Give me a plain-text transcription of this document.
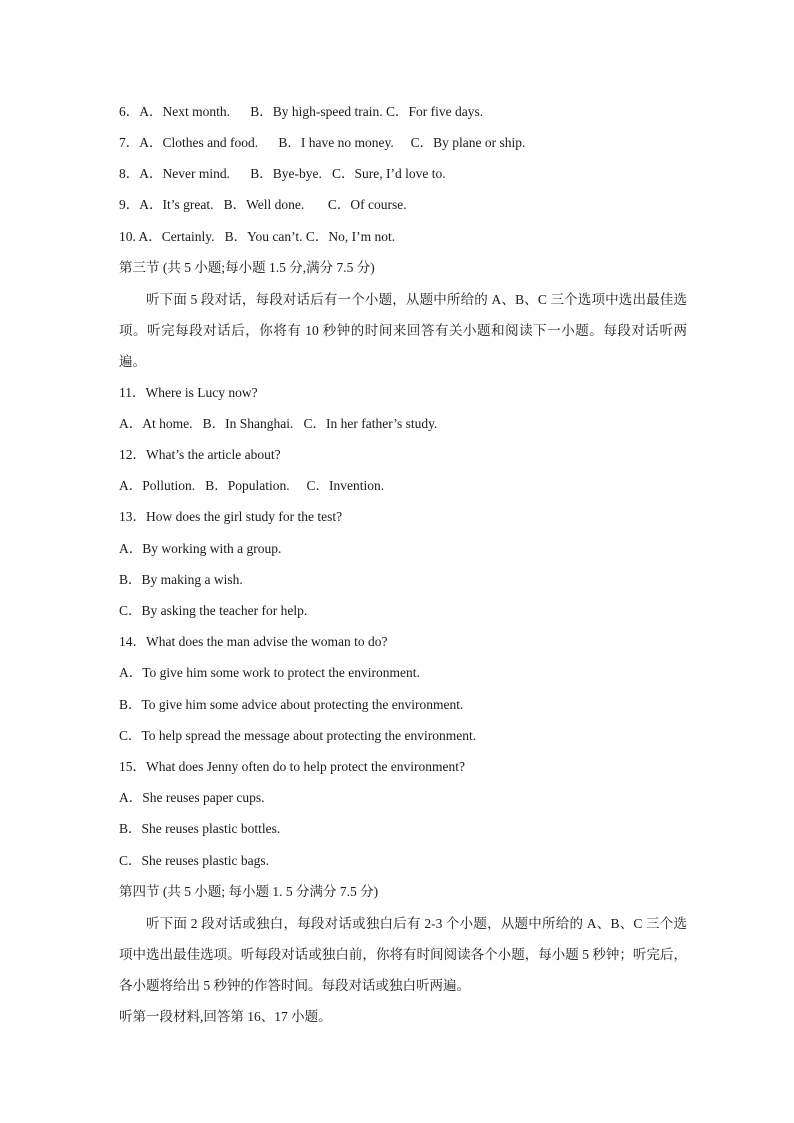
6．A．Next month.      B．By high-speed train. C．For five days.
7．A．Clothes and food.      B．I have no money.     C．By plane or ship.
8．A．Never mind.      B．Bye-bye.   C．Sure, I’d love to.
9．A．It’s great.   B．Well done.       C．Of course.
10. A．Certainly.   B．You can’t. C．No, I’m not.
第三节 (共 5 小题;每小题 1.5 分,满分 7.5 分)
听下面 5 段对话，每段对话后有一个小题，从题中所给的 A、B、C 三个选项中选出最佳选项。听完每段对话后，你将有 10 秒钟的时间来回答有关小题和阅读下一小题。每段对话听两遍。
11．Where is Lucy now?
A．At home.   B．In Shanghai.   C．In her father’s study.
12．What’s the article about?
A．Pollution.   B．Population.     C．Invention.
13．How does the girl study for the test?
A．By working with a group.
B．By making a wish.
C．By asking the teacher for help.
14．What does the man advise the woman to do?
A．To give him some work to protect the environment.
B．To give him some advice about protecting the environment.
C．To help spread the message about protecting the environment.
15．What does Jenny often do to help protect the environment?
A．She reuses paper cups.
B．She reuses plastic bottles.
C．She reuses plastic bags.
第四节 (共 5 小题; 每小题 1. 5 分满分 7.5 分)
听下面 2 段对话或独白，每段对话或独白后有 2-3 个小题，从题中所给的 A、B、C 三个选项中选出最佳选项。听每段对话或独白前，你将有时间阅读各个小题，每小题 5 秒钟；听完后，各小题将给出 5 秒钟的作答时间。每段对话或独白听两遍。
听第一段材料,回答第 16、17 小题。
